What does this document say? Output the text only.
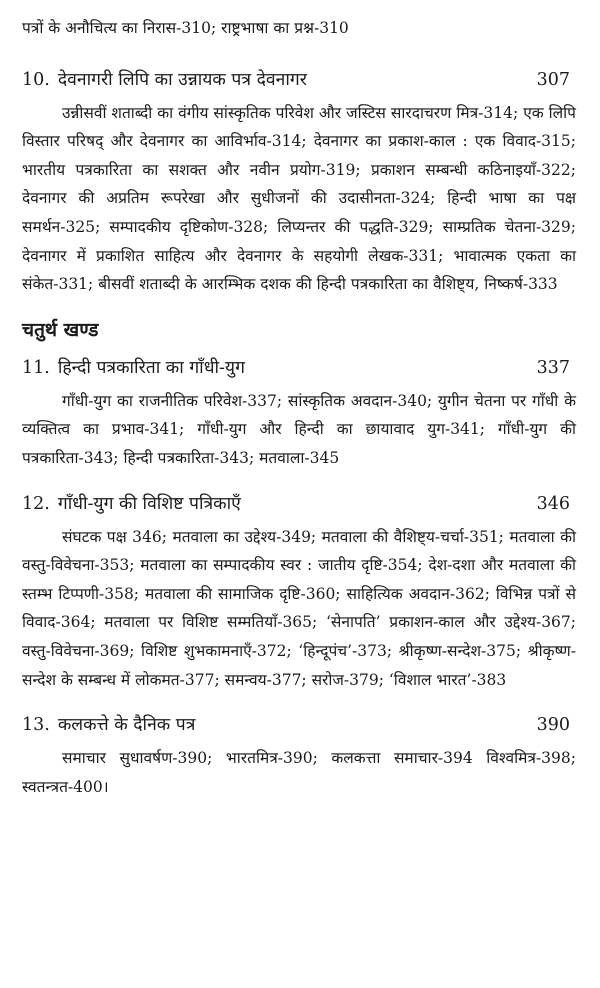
पत्रों के अनौचित्य का निरास-310; राष्ट्रभाषा का प्रश्न-310

10. देवनागरी लिपि का उन्नायक पत्र देवनागर	307

उन्नीसवीं शताब्दी का वंगीय सांस्कृतिक परिवेश और जस्टिस सारदाचरण मित्र-314; एक लिपि विस्तार परिषद् और देवनागर का आविर्भाव-314; देवनागर का प्रकाश-काल : एक विवाद-315; भारतीय पत्रकारिता का सशक्त और नवीन प्रयोग-319; प्रकाशन सम्बन्धी कठिनाइयाँ-322; देवनागर की अप्रतिम रूपरेखा और सुधीजनों की उदासीनता-324; हिन्दी भाषा का पक्ष समर्थन-325; सम्पादकीय दृष्टिकोण-328; लिप्यन्तर की पद्धति-329; साम्प्रतिक चेतना-329; देवनागर में प्रकाशित साहित्य और देवनागर के सहयोगी लेखक-331; भावात्मक एकता का संकेत-331; बीसवीं शताब्दी के आरम्भिक दशक की हिन्दी पत्रकारिता का वैशिष्ट्य, निष्कर्ष-333

चतुर्थ खण्ड
11. हिन्दी पत्रकारिता का गाँधी-युग	337

गाँधी-युग का राजनीतिक परिवेश-337; सांस्कृतिक अवदान-340; युगीन चेतना पर गाँधी के व्यक्तित्व का प्रभाव-341; गाँधी-युग और हिन्दी का छायावाद युग-341; गाँधी-युग की पत्रकारिता-343; हिन्दी पत्रकारिता-343; मतवाला-345

12. गाँधी-युग की विशिष्ट पत्रिकाएँ	346

संघटक पक्ष 346; मतवाला का उद्देश्य-349; मतवाला की वैशिष्ट्य-चर्चा-351; मतवाला की वस्तु-विवेचना-353; मतवाला का सम्पादकीय स्वर : जातीय दृष्टि-354; देश-दशा और मतवाला की स्तम्भ टिप्पणी-358; मतवाला की सामाजिक दृष्टि-360; साहित्यिक अवदान-362; विभिन्न पत्रों से विवाद-364; मतवाला पर विशिष्ट सम्मतियाँ-365; ‘सेनापति’ प्रकाशन-काल और उद्देश्य-367; वस्तु-विवेचना-369; विशिष्ट शुभकामनाएँ-372; ‘हिन्दूपंच’-373; श्रीकृष्ण-सन्देश-375; श्रीकृष्ण-सन्देश के सम्बन्ध में लोकमत-377; समन्वय-377; सरोज-379; ‘विशाल भारत’-383

13. कलकत्ते के दैनिक पत्र	390

समाचार सुधावर्षण-390; भारतमित्र-390; कलकत्ता समाचार-394 विश्वमित्र-398; स्वतन्त्रत-400।
